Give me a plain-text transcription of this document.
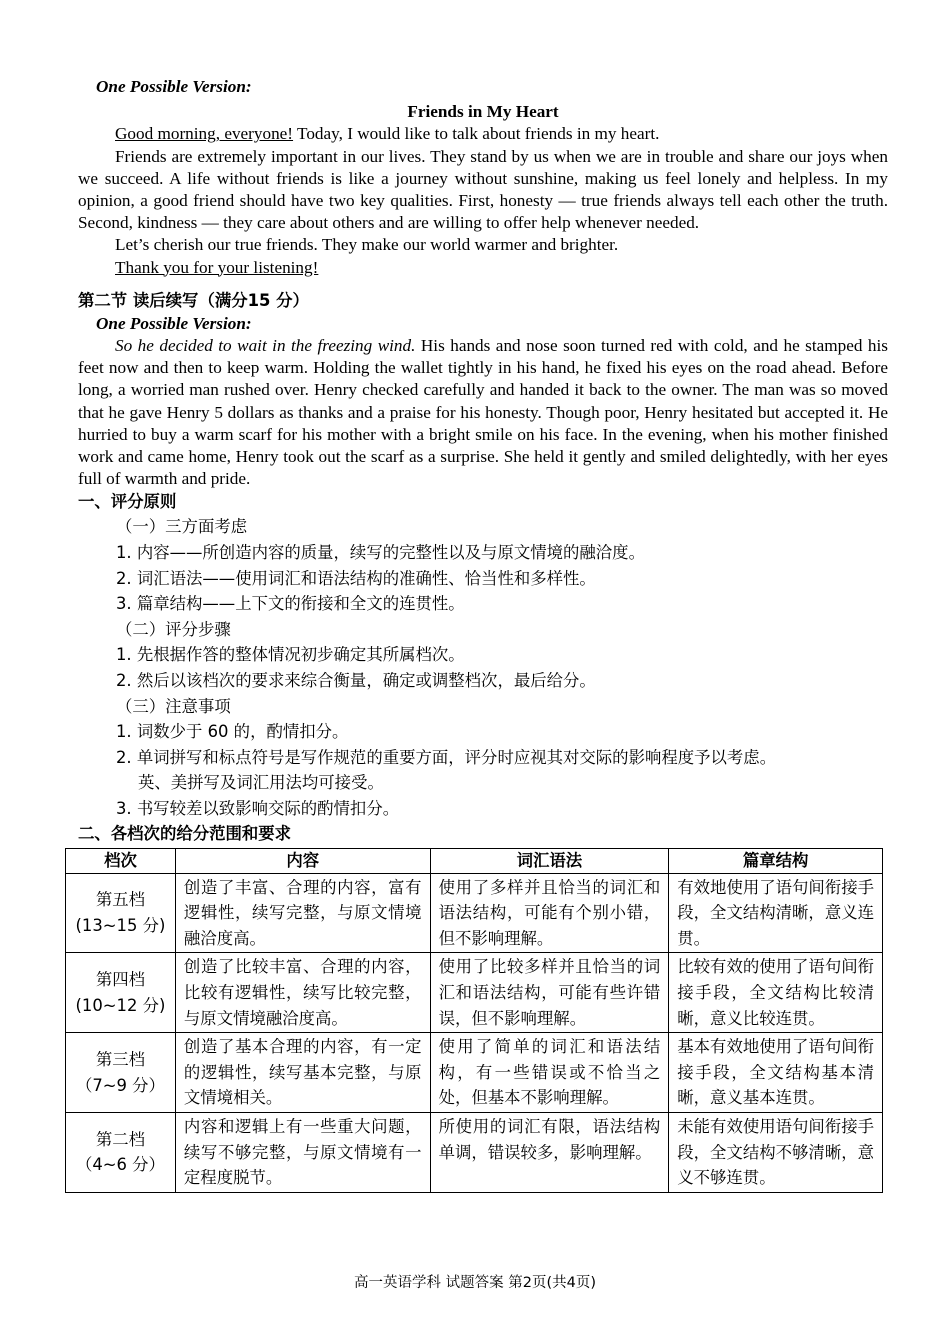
One Possible Version:

Friends in My Heart

Good morning, everyone! Today, I would like to talk about friends in my heart.

Friends are extremely important in our lives. They stand by us when we are in trouble and share our joys when we succeed. A life without friends is like a journey without sunshine, making us feel lonely and helpless. In my opinion, a good friend should have two key qualities. First, honesty — true friends always tell each other the truth. Second, kindness — they care about others and are willing to offer help whenever needed.

Let’s cherish our true friends. They make our world warmer and brighter.

Thank you for your listening!

第二节 读后续写（满分15 分）

One Possible Version:

So he decided to wait in the freezing wind. His hands and nose soon turned red with cold, and he stamped his feet now and then to keep warm. Holding the wallet tightly in his hand, he fixed his eyes on the road ahead. Before long, a worried man rushed over. Henry checked carefully and handed it back to the owner. The man was so moved that he gave Henry 5 dollars as thanks and a praise for his honesty. Though poor, Henry hesitated but accepted it. He hurried to buy a warm scarf for his mother with a bright smile on his face. In the evening, when his mother finished work and came home, Henry took out the scarf as a surprise. She held it gently and smiled delightedly, with her eyes full of warmth and pride.

一、评分原则

（一）三方面考虑

1. 内容——所创造内容的质量，续写的完整性以及与原文情境的融洽度。

2. 词汇语法——使用词汇和语法结构的准确性、恰当性和多样性。

3. 篇章结构——上下文的衔接和全文的连贯性。

（二）评分步骤

1. 先根据作答的整体情况初步确定其所属档次。

2. 然后以该档次的要求来综合衡量，确定或调整档次，最后给分。

（三）注意事项

1. 词数少于 60 的，酌情扣分。

2. 单词拼写和标点符号是写作规范的重要方面，评分时应视其对交际的影响程度予以考虑。

英、美拼写及词汇用法均可接受。

3. 书写较差以致影响交际的酌情扣分。

二、各档次的给分范围和要求

档次	内容	词汇语法	篇章结构

第五档
(13~15 分)	创造了丰富、合理的内容，富有逻辑性，续写完整，与原文情境融洽度高。	使用了多样并且恰当的词汇和语法结构，可能有个别小错，但不影响理解。	有效地使用了语句间衔接手段，全文结构清晰，意义连贯。

第四档
(10~12 分)	创造了比较丰富、合理的内容，比较有逻辑性，续写比较完整，与原文情境融洽度高。	使用了比较多样并且恰当的词汇和语法结构，可能有些许错误，但不影响理解。	比较有效的使用了语句间衔接手段，全文结构比较清晰，意义比较连贯。

第三档
（7~9 分）	创造了基本合理的内容，有一定的逻辑性，续写基本完整，与原文情境相关。	使用了简单的词汇和语法结构，有一些错误或不恰当之处，但基本不影响理解。	基本有效地使用了语句间衔接手段，全文结构基本清晰，意义基本连贯。

第二档
（4~6 分）	内容和逻辑上有一些重大问题，续写不够完整，与原文情境有一定程度脱节。	所使用的词汇有限，语法结构单调，错误较多，影响理解。	未能有效使用语句间衔接手段，全文结构不够清晰，意义不够连贯。
高一英语学科 试题答案 第2页(共4页)
